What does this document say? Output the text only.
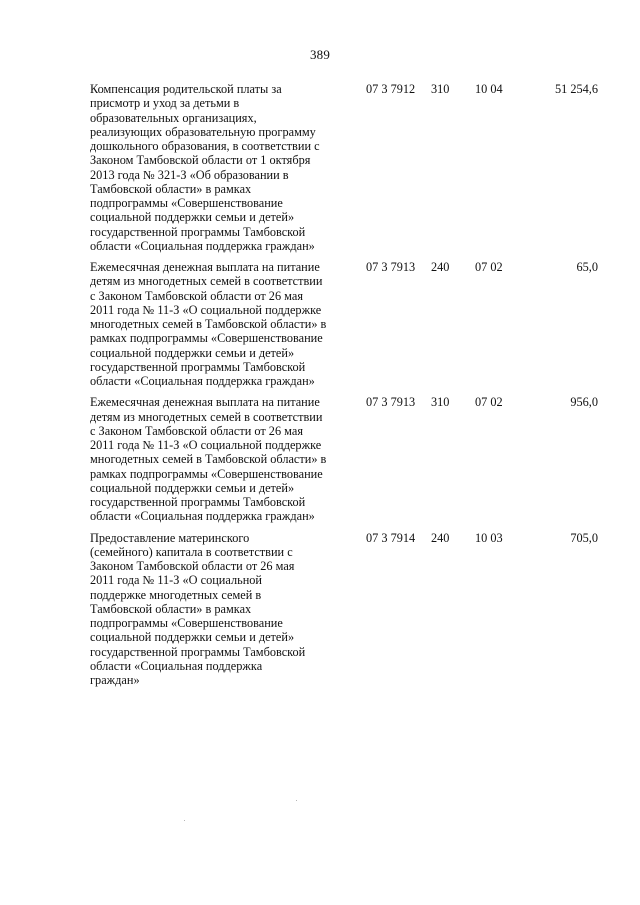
389
Компенсация родительской платы за
присмотр и уход за детьми в
образовательных организациях,
реализующих образовательную программу
дошкольного образования, в соответствии с
Законом Тамбовской области от 1 октября
2013 года № 321-З «Об образовании в
Тамбовской области» в рамках
подпрограммы «Совершенствование
социальной поддержки семьи и детей»
государственной программы Тамбовской
области «Социальная поддержка граждан»
07 3 7912 310 10 04	51 254,6
Ежемесячная денежная выплата на питание
детям из многодетных семей в соответствии
с Законом Тамбовской области от 26 мая
2011 года № 11-З «О социальной поддержке
многодетных семей в Тамбовской области» в
рамках подпрограммы «Совершенствование
социальной поддержки семьи и детей»
государственной программы Тамбовской
области «Социальная поддержка граждан»
07 3 7913 240 07 02	65,0
Ежемесячная денежная выплата на питание
детям из многодетных семей в соответствии
с Законом Тамбовской области от 26 мая
2011 года № 11-З «О социальной поддержке
многодетных семей в Тамбовской области» в
рамках подпрограммы «Совершенствование
социальной поддержки семьи и детей»
государственной программы Тамбовской
области «Социальная поддержка граждан»
07 3 7913 310 07 02	956,0
Предоставление материнского
(семейного) капитала в соответствии с
Законом Тамбовской области от 26 мая
2011 года № 11-З «О социальной
поддержке многодетных семей в
Тамбовской области» в рамках
подпрограммы «Совершенствование
социальной поддержки семьи и детей»
государственной программы Тамбовской
области «Социальная поддержка
граждан»
07 3 7914 240 10 03	705,0
